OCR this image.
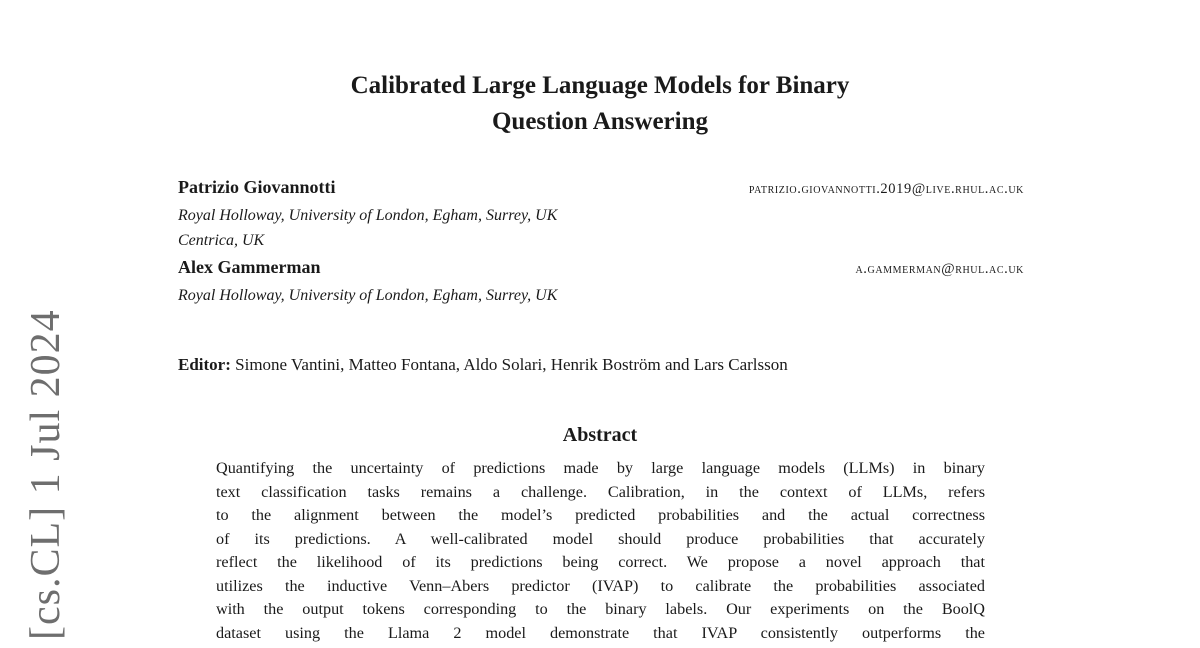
[cs.CL] 1 Jul 2024
Calibrated Large Language Models for Binary
Question Answering
Patrizio Giovannotti	patrizio.giovannotti.2019@live.rhul.ac.uk
Royal Holloway, University of London, Egham, Surrey, UK
Centrica, UK
Alex Gammerman	a.gammerman@rhul.ac.uk
Royal Holloway, University of London, Egham, Surrey, UK
Editor: Simone Vantini, Matteo Fontana, Aldo Solari, Henrik Boström and Lars Carlsson
Abstract
Quantifying the uncertainty of predictions made by large language models (LLMs) in binary
text classification tasks remains a challenge. Calibration, in the context of LLMs, refers
to the alignment between the model’s predicted probabilities and the actual correctness
of its predictions. A well-calibrated model should produce probabilities that accurately
reflect the likelihood of its predictions being correct. We propose a novel approach that
utilizes the inductive Venn–Abers predictor (IVAP) to calibrate the probabilities associated
with the output tokens corresponding to the binary labels. Our experiments on the BoolQ
dataset using the Llama 2 model demonstrate that IVAP consistently outperforms the
